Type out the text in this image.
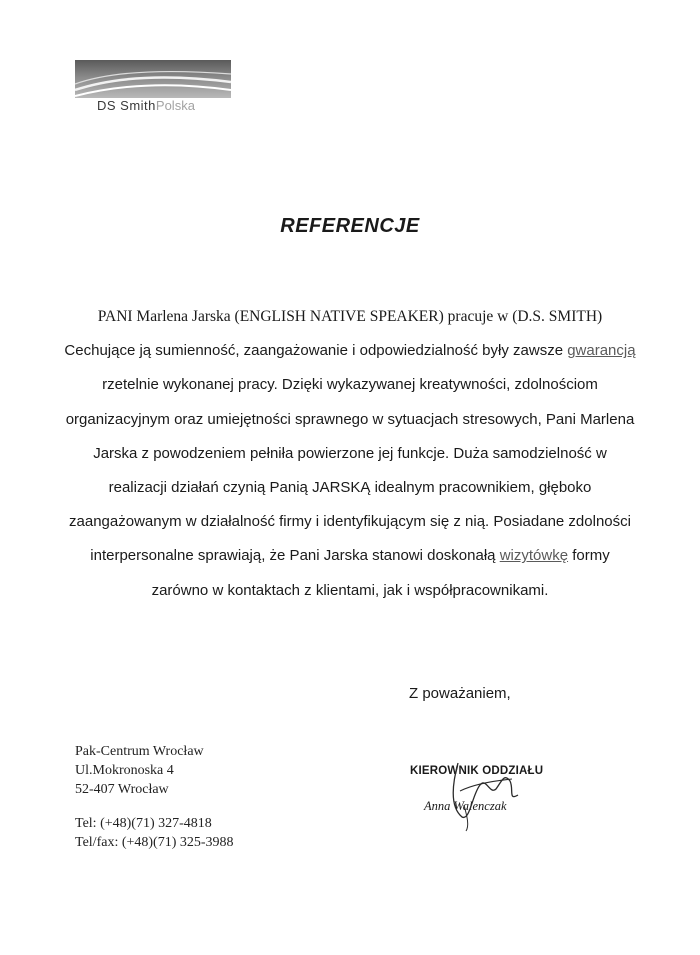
DS SmithPolska
REFERENCJE
PANI Marlena Jarska (ENGLISH NATIVE SPEAKER) pracuje w (D.S. SMITH)
Cechujące ją sumienność, zaangażowanie i odpowiedzialność były zawsze gwarancją
rzetelnie wykonanej pracy. Dzięki wykazywanej kreatywności, zdolnościom
organizacyjnym oraz umiejętności sprawnego w sytuacjach stresowych, Pani Marlena
Jarska z powodzeniem pełniła powierzone jej funkcje. Duża samodzielność w
realizacji działań czynią Panią JARSKĄ idealnym pracownikiem, głęboko
zaangażowanym w działalność firmy i identyfikującym się z nią. Posiadane zdolności
interpersonalne sprawiają, że Pani Jarska stanowi doskonałą wizytówkę formy
zarówno w kontaktach z klientami, jak i współpracownikami.
Z poważaniem,
Pak-Centrum Wrocław
Ul.Mokronoska 4
52-407 Wrocław
Tel: (+48)(71) 327-4818
Tel/fax: (+48)(71) 325-3988
KIEROWNIK ODDZIAŁU
Anna Walenczak
